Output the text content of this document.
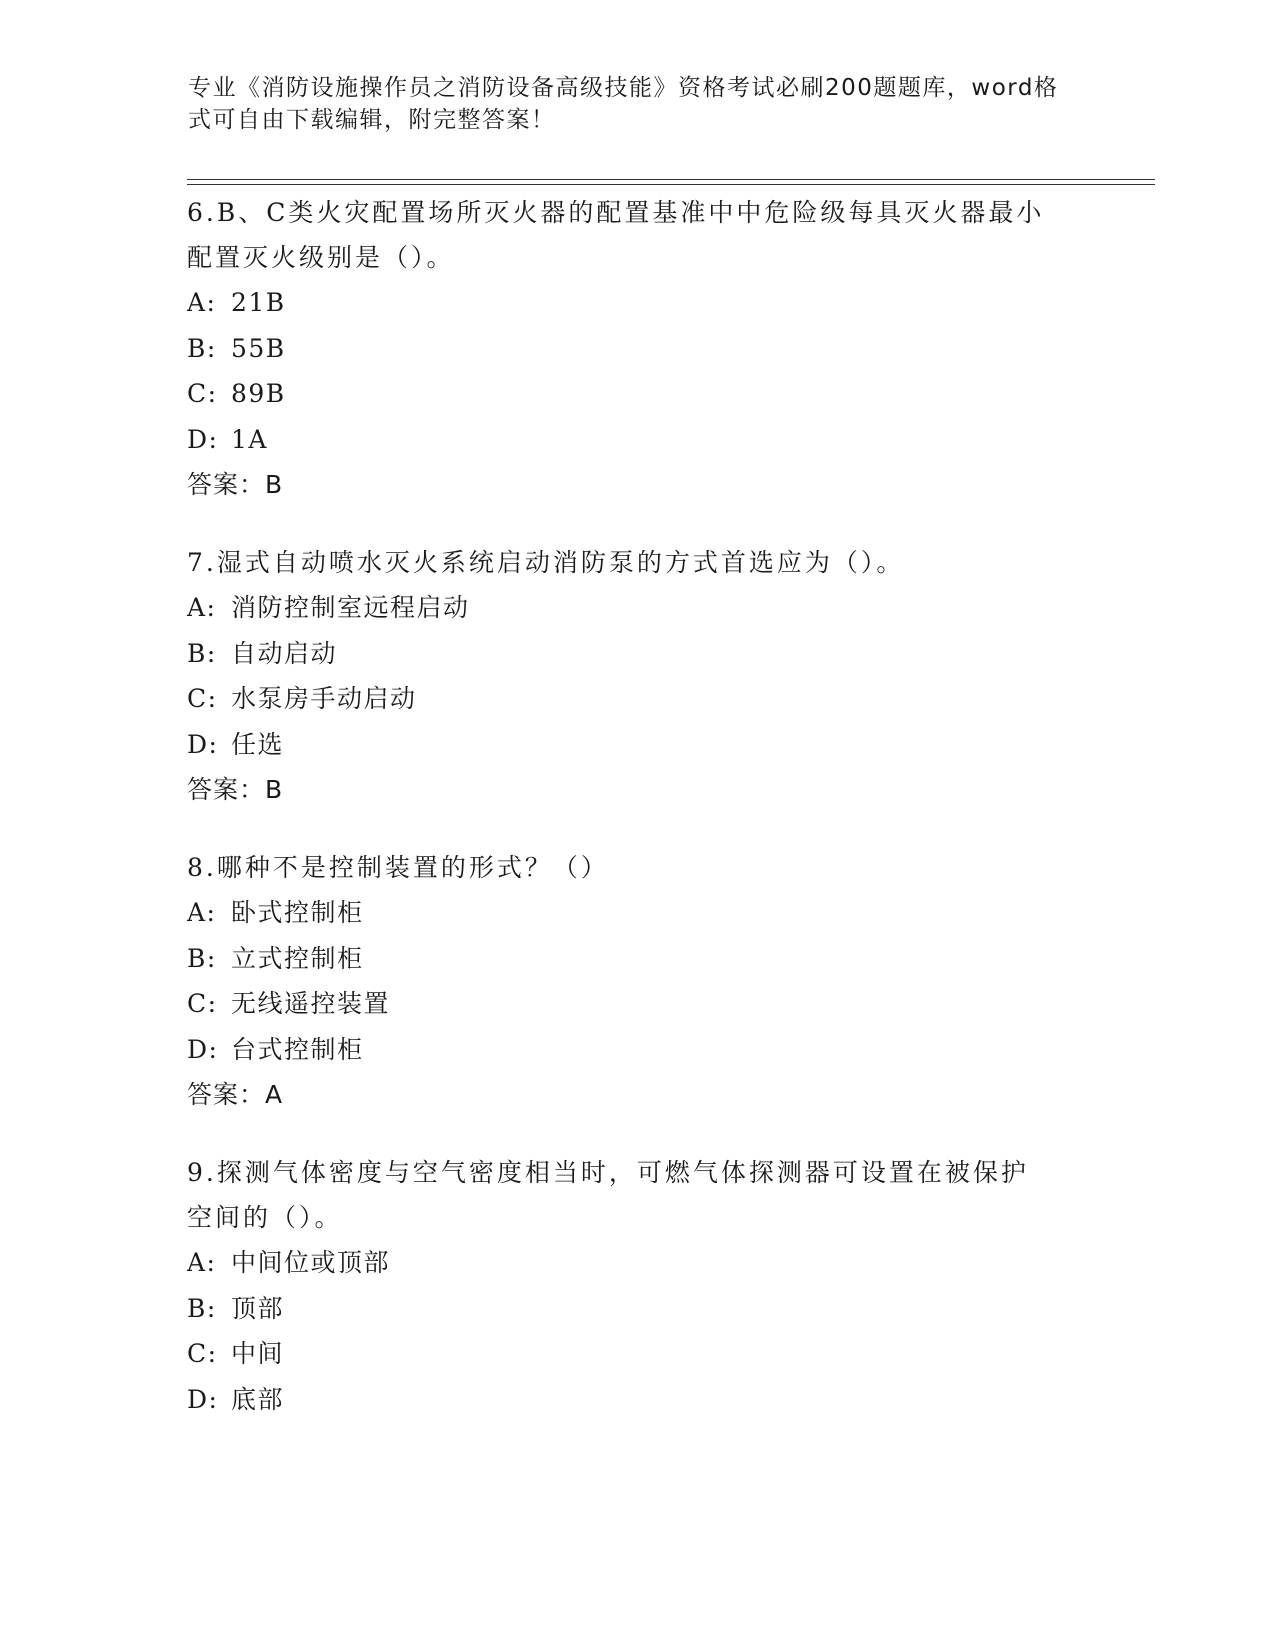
专业《消防设施操作员之消防设备高级技能》资格考试必刷200题题库，word格
式可自由下载编辑，附完整答案！

6.B、C类火灾配置场所灭火器的配置基准中中危险级每具灭火器最小

配置灭火级别是（）。

A: 21B

B: 55B

C: 89B

D: 1A

答案：B

7.湿式自动喷水灭火系统启动消防泵的方式首选应为（）。

A: 消防控制室远程启动

B: 自动启动

C: 水泵房手动启动

D: 任选

答案：B

8.哪种不是控制装置的形式？（）

A: 卧式控制柜

B: 立式控制柜

C: 无线遥控装置

D: 台式控制柜

答案：A

9.探测气体密度与空气密度相当时，可燃气体探测器可设置在被保护

空间的（）。

A: 中间位或顶部

B: 顶部

C: 中间

D: 底部
